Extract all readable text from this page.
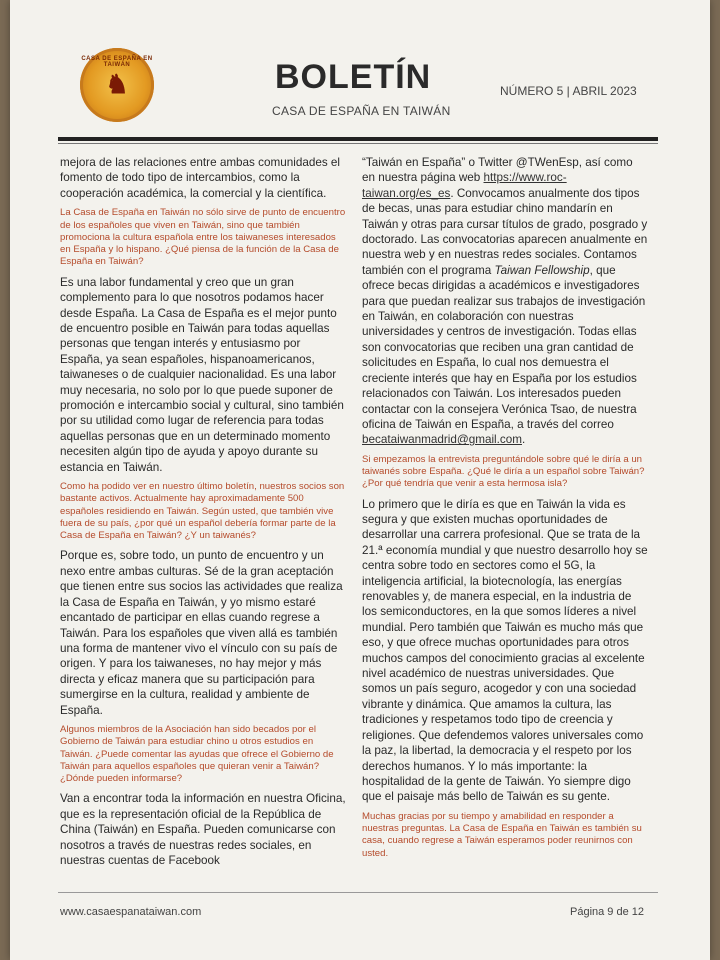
CASA DE ESPAÑA EN TAIWÁN
♞	BOLETÍN
CASA DE ESPAÑA EN TAIWÁN
NÚMERO 5 | ABRIL 2023

mejora de las relaciones entre ambas comunidades el fomento de todo tipo de intercambios, como la cooperación académica, la comercial y la científica.

La Casa de España en Taiwán no sólo sirve de punto de encuentro de los españoles que viven en Taiwán, sino que también promociona la cultura española entre los taiwaneses interesados en España y lo hispano. ¿Qué piensa de la función de la Casa de España en Taiwán?

Es una labor fundamental y creo que un gran complemento para lo que nosotros podamos hacer desde España. La Casa de España es el mejor punto de encuentro posible en Taiwán para todas aquellas personas que tengan interés y entusiasmo por España, ya sean españoles, hispanoamericanos, taiwaneses o de cualquier nacionalidad. Es una labor muy necesaria, no solo por lo que puede suponer de promoción e intercambio social y cultural, sino también por su utilidad como lugar de referencia para todas aquellas personas que en un determinado momento necesiten algún tipo de ayuda y apoyo durante su estancia en Taiwán.

Como ha podido ver en nuestro último boletín, nuestros socios son bastante activos. Actualmente hay aproximadamente 500 españoles residiendo en Taiwán. Según usted, que también vive fuera de su país, ¿por qué un español debería formar parte de la Casa de España en Taiwán? ¿Y un taiwanés?

Porque es, sobre todo, un punto de encuentro y un nexo entre ambas culturas. Sé de la gran aceptación que tienen entre sus socios las actividades que realiza la Casa de España en Taiwán, y yo mismo estaré encantado de participar en ellas cuando regrese a Taiwán. Para los españoles que viven allá es también una forma de mantener vivo el vínculo con su país de origen. Y para los taiwaneses, no hay mejor y más directa y eficaz manera que su participación para sumergirse en la cultura, realidad y ambiente de España.

Algunos miembros de la Asociación han sido becados por el Gobierno de Taiwán para estudiar chino u otros estudios en Taiwán. ¿Puede comentar las ayudas que ofrece el Gobierno de Taiwán para aquellos españoles que quieran venir a Taiwán? ¿Dónde pueden informarse?

Van a encontrar toda la información en nuestra Oficina, que es la representación oficial de la República de China (Taiwán) en España. Pueden comunicarse con nosotros a través de nuestras redes sociales, en nuestras cuentas de Facebook

“Taiwán en España” o Twitter @TWenEsp, así como en nuestra página web https://www.roc-taiwan.org/es_es. Convocamos anualmente dos tipos de becas, unas para estudiar chino mandarín en Taiwán y otras para cursar títulos de grado, posgrado y doctorado. Las convocatorias aparecen anualmente en nuestra web y en nuestras redes sociales. Contamos también con el programa Taiwan Fellowship, que ofrece becas dirigidas a académicos e investigadores para que puedan realizar sus trabajos de investigación en Taiwán, en colaboración con nuestras universidades y centros de investigación. Todas ellas son convocatorias que reciben una gran cantidad de solicitudes en España, lo cual nos demuestra el creciente interés que hay en España por los estudios relacionados con Taiwán. Los interesados pueden contactar con la consejera Verónica Tsao, de nuestra oficina de Taiwán en España, a través del correo becataiwanmadrid@gmail.com.

Si empezamos la entrevista preguntándole sobre qué le diría a un taiwanés sobre España. ¿Qué le diría a un español sobre Taiwán? ¿Por qué tendría que venir a esta hermosa isla?

Lo primero que le diría es que en Taiwán la vida es segura y que existen muchas oportunidades de desarrollar una carrera profesional. Que se trata de la 21.ª economía mundial y que nuestro desarrollo hoy se centra sobre todo en sectores como el 5G, la inteligencia artificial, la biotecnología, las energías renovables y, de manera especial, en la industria de los semiconductores, en la que somos líderes a nivel mundial. Pero también que Taiwán es mucho más que eso, y que ofrece muchas oportunidades para otros muchos campos del conocimiento gracias al excelente nivel académico de nuestras universidades. Que somos un país seguro, acogedor y con una sociedad vibrante y dinámica. Que amamos la cultura, las tradiciones y respetamos todo tipo de creencia y religiones. Que defendemos valores universales como la paz, la libertad, la democracia y el respeto por los derechos humanos. Y lo más importante: la hospitalidad de la gente de Taiwán. Yo siempre digo que el paisaje más bello de Taiwán es su gente.

Muchas gracias por su tiempo y amabilidad en responder a nuestras preguntas. La Casa de España en Taiwán es también su casa, cuando regrese a Taiwán esperamos poder reunirnos con usted.

www.casaespanataiwan.com	Página 9 de 12
